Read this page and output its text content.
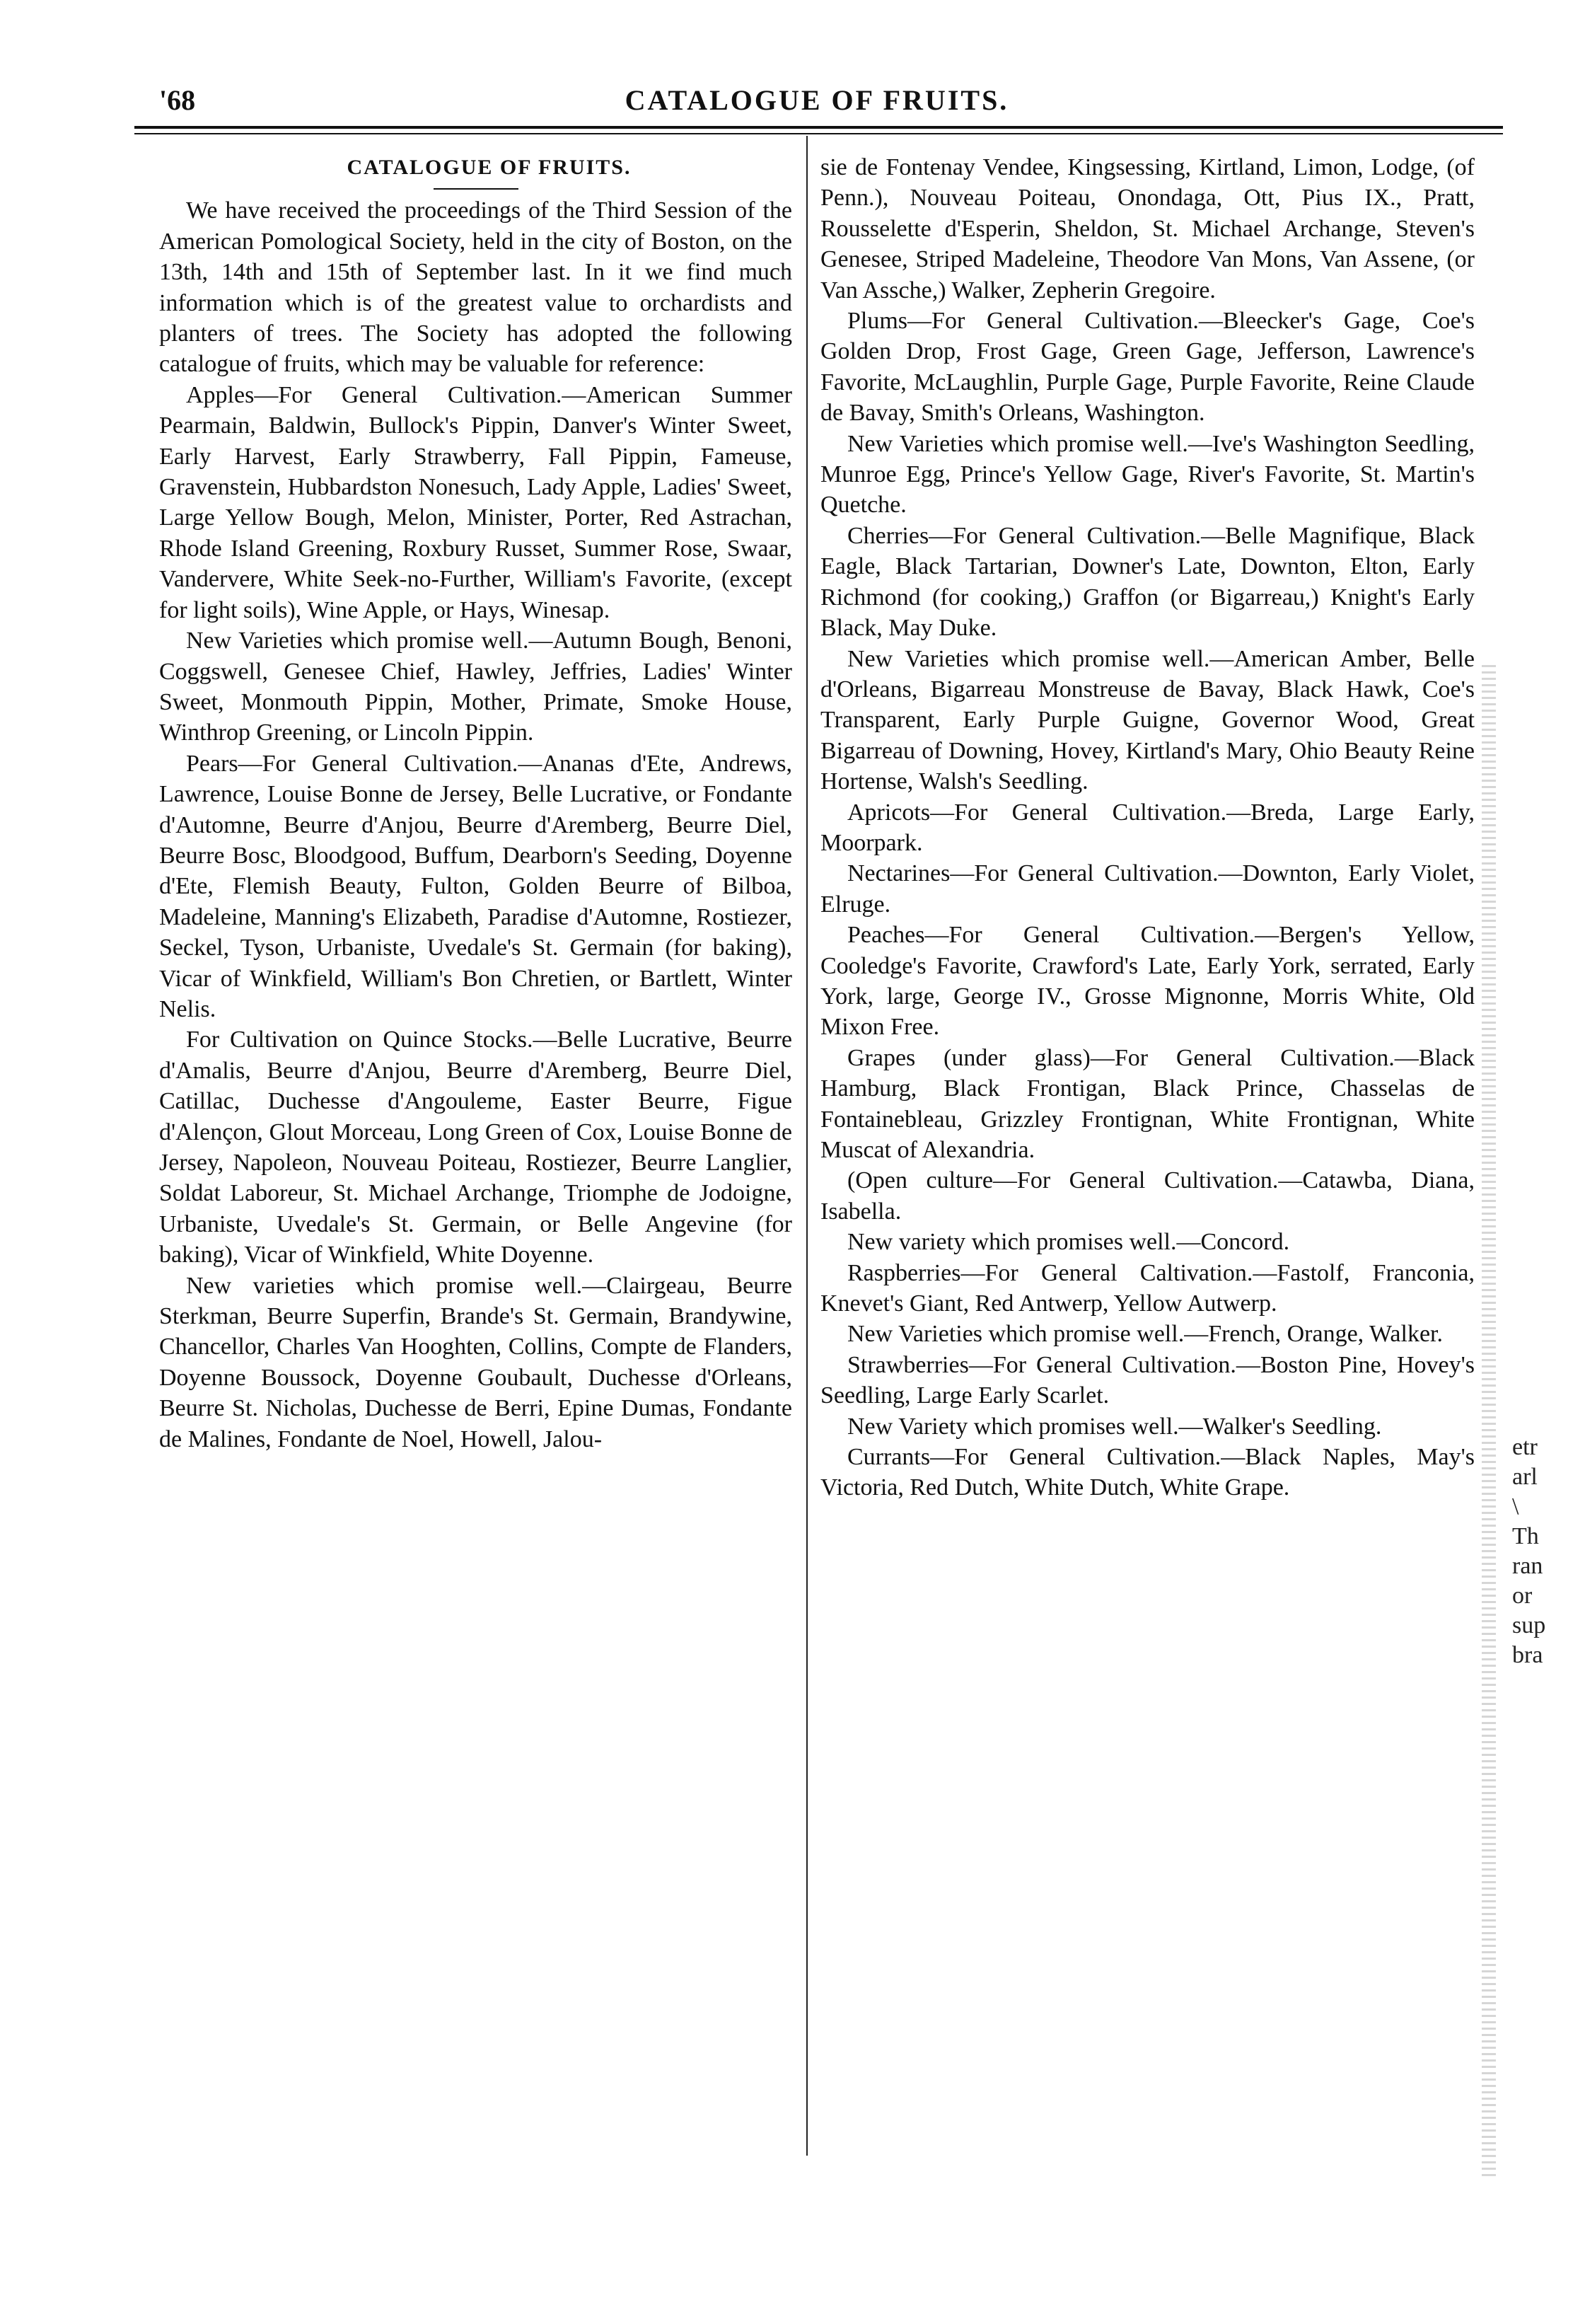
'68	CATALOGUE OF FRUITS.

CATALOGUE OF FRUITS.

We have received the proceedings of the Third Session of the American Pomological Society, held in the city of Boston, on the 13th, 14th and 15th of September last. In it we find much information which is of the greatest value to orchardists and planters of trees. The Society has adopted the following catalogue of fruits, which may be valuable for reference:

Apples—For General Cultivation.—American Summer Pearmain, Baldwin, Bullock's Pippin, Danver's Winter Sweet, Early Harvest, Early Strawberry, Fall Pippin, Fameuse, Gravenstein, Hubbardston Nonesuch, Lady Apple, Ladies' Sweet, Large Yellow Bough, Melon, Minister, Porter, Red Astrachan, Rhode Island Greening, Roxbury Russet, Summer Rose, Swaar, Vandervere, White Seek-no-Further, William's Favorite, (except for light soils), Wine Apple, or Hays, Winesap.

New Varieties which promise well.—Autumn Bough, Benoni, Coggswell, Genesee Chief, Hawley, Jeffries, Ladies' Winter Sweet, Monmouth Pippin, Mother, Primate, Smoke House, Winthrop Greening, or Lincoln Pippin.

Pears—For General Cultivation.—Ananas d'Ete, Andrews, Lawrence, Louise Bonne de Jersey, Belle Lucrative, or Fondante d'Automne, Beurre d'Anjou, Beurre d'Aremberg, Beurre Diel, Beurre Bosc, Bloodgood, Buffum, Dearborn's Seeding, Doyenne d'Ete, Flemish Beauty, Fulton, Golden Beurre of Bilboa, Madeleine, Manning's Elizabeth, Paradise d'Automne, Rostiezer, Seckel, Tyson, Urbaniste, Uvedale's St. Germain (for baking), Vicar of Winkfield, William's Bon Chretien, or Bartlett, Winter Nelis.

For Cultivation on Quince Stocks.—Belle Lucrative, Beurre d'Amalis, Beurre d'Anjou, Beurre d'Aremberg, Beurre Diel, Catillac, Duchesse d'Angouleme, Easter Beurre, Figue d'Alençon, Glout Morceau, Long Green of Cox, Louise Bonne de Jersey, Napoleon, Nouveau Poiteau, Rostiezer, Beurre Langlier, Soldat Laboreur, St. Michael Archange, Triomphe de Jodoigne, Urbaniste, Uvedale's St. Germain, or Belle Angevine (for baking), Vicar of Winkfield, White Doyenne.

New varieties which promise well.—Clairgeau, Beurre Sterkman, Beurre Superfin, Brande's St. Germain, Brandywine, Chancellor, Charles Van Hooghten, Collins, Compte de Flanders, Doyenne Boussock, Doyenne Goubault, Duchesse d'Orleans, Beurre St. Nicholas, Duchesse de Berri, Epine Dumas, Fondante de Malines, Fondante de Noel, Howell, Jalou-

sie de Fontenay Vendee, Kingsessing, Kirtland, Limon, Lodge, (of Penn.), Nouveau Poiteau, Onondaga, Ott, Pius IX., Pratt, Rousselette d'Esperin, Sheldon, St. Michael Archange, Steven's Genesee, Striped Madeleine, Theodore Van Mons, Van Assene, (or Van Assche,) Walker, Zepherin Gregoire.

Plums—For General Cultivation.—Bleecker's Gage, Coe's Golden Drop, Frost Gage, Green Gage, Jefferson, Lawrence's Favorite, McLaughlin, Purple Gage, Purple Favorite, Reine Claude de Bavay, Smith's Orleans, Washington.

New Varieties which promise well.—Ive's Washington Seedling, Munroe Egg, Prince's Yellow Gage, River's Favorite, St. Martin's Quetche.

Cherries—For General Cultivation.—Belle Magnifique, Black Eagle, Black Tartarian, Downer's Late, Downton, Elton, Early Richmond (for cooking,) Graffon (or Bigarreau,) Knight's Early Black, May Duke.

New Varieties which promise well.—American Amber, Belle d'Orleans, Bigarreau Monstreuse de Bavay, Black Hawk, Coe's Transparent, Early Purple Guigne, Governor Wood, Great Bigarreau of Downing, Hovey, Kirtland's Mary, Ohio Beauty Reine Hortense, Walsh's Seedling.

Apricots—For General Cultivation.—Breda, Large Early, Moorpark.

Nectarines—For General Cultivation.—Downton, Early Violet, Elruge.

Peaches—For General Cultivation.—Bergen's Yellow, Cooledge's Favorite, Crawford's Late, Early York, serrated, Early York, large, George IV., Grosse Mignonne, Morris White, Old Mixon Free.

Grapes (under glass)—For General Cultivation.—Black Hamburg, Black Frontigan, Black Prince, Chasselas de Fontainebleau, Grizzley Frontignan, White Frontignan, White Muscat of Alexandria.

(Open culture—For General Cultivation.—Catawba, Diana, Isabella.

New variety which promises well.—Concord.

Raspberries—For General Caltivation.—Fastolf, Franconia, Knevet's Giant, Red Antwerp, Yellow Autwerp.

New Varieties which promise well.—French, Orange, Walker.

Strawberries—For General Cultivation.—Boston Pine, Hovey's Seedling, Large Early Scarlet.

New Variety which promises well.—Walker's Seedling.

Currants—For General Cultivation.—Black Naples, May's Victoria, Red Dutch, White Dutch, White Grape.

etr
arl
\
Th
ran
or
sup
bra
